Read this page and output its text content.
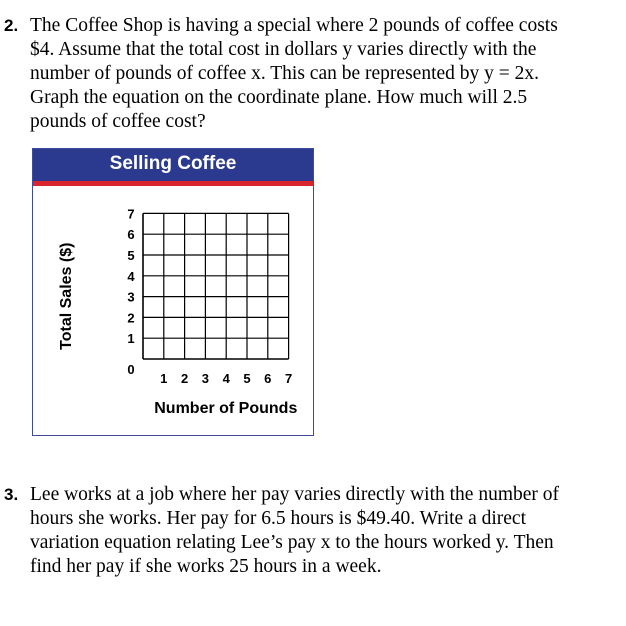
2. The Coffee Shop is having a special where 2 pounds of coffee costs
$4. Assume that the total cost in dollars y varies directly with the
number of pounds of coffee x. This can be represented by y = 2x.
Graph the equation on the coordinate plane. How much will 2.5
pounds of coffee cost?
Selling Coffee
0
1
2
3
4
5
6
7
1 2 3 4 5 6 7
Number of Pounds
Total Sales ($)
3. Lee works at a job where her pay varies directly with the number of
hours she works. Her pay for 6.5 hours is $49.40. Write a direct
variation equation relating Lee’s pay x to the hours worked y. Then
find her pay if she works 25 hours in a week.
